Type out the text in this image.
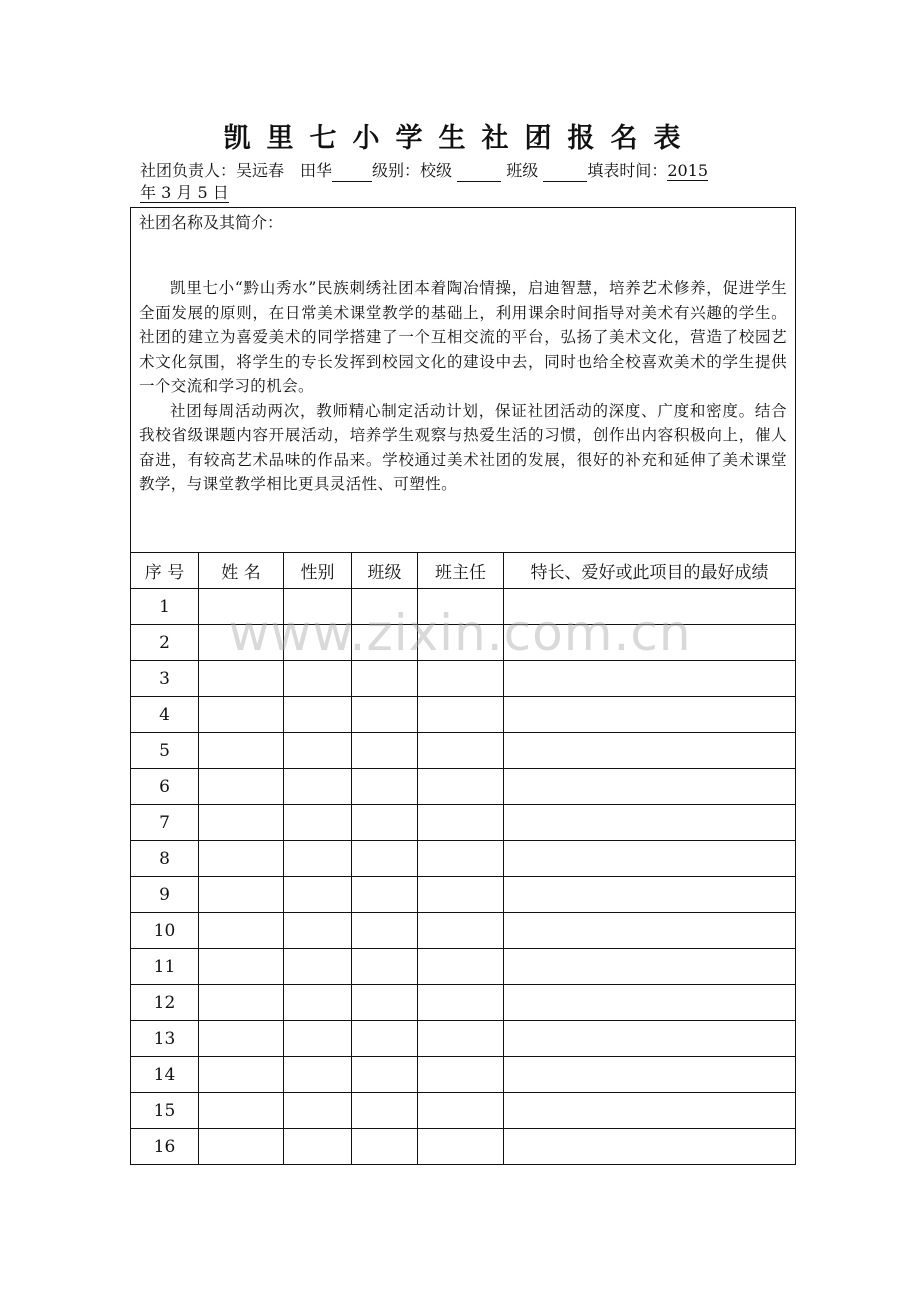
凯里七小学生社团报名表
社团负责人：吴远春　田华	级别：校级	班级	填表时间：2015
年 3 月 5 日
社团名称及其简介：

凯里七小“黔山秀水”民族刺绣社团本着陶冶情操，启迪智慧，培养艺术修养，促进学生全面发展的原则，在日常美术课堂教学的基础上，利用课余时间指导对美术有兴趣的学生。社团的建立为喜爱美术的同学搭建了一个互相交流的平台，弘扬了美术文化，营造了校园艺术文化氛围，将学生的专长发挥到校园文化的建设中去，同时也给全校喜欢美术的学生提供一个交流和学习的机会。

社团每周活动两次，教师精心制定活动计划，保证社团活动的深度、广度和密度。结合我校省级课题内容开展活动，培养学生观察与热爱生活的习惯，创作出内容积极向上，催人奋进，有较高艺术品味的作品来。学校通过美术社团的发展，很好的补充和延伸了美术课堂教学，与课堂教学相比更具灵活性、可塑性。					

序 号	姓 名	性别	班级	班主任	特长、爱好或此项目的最好成绩
1					
2					
3					
4					
5					
6					
7					
8					
9					
10					
11					
12					
13					
14					
15					
16					
www.zixin.com.cn
